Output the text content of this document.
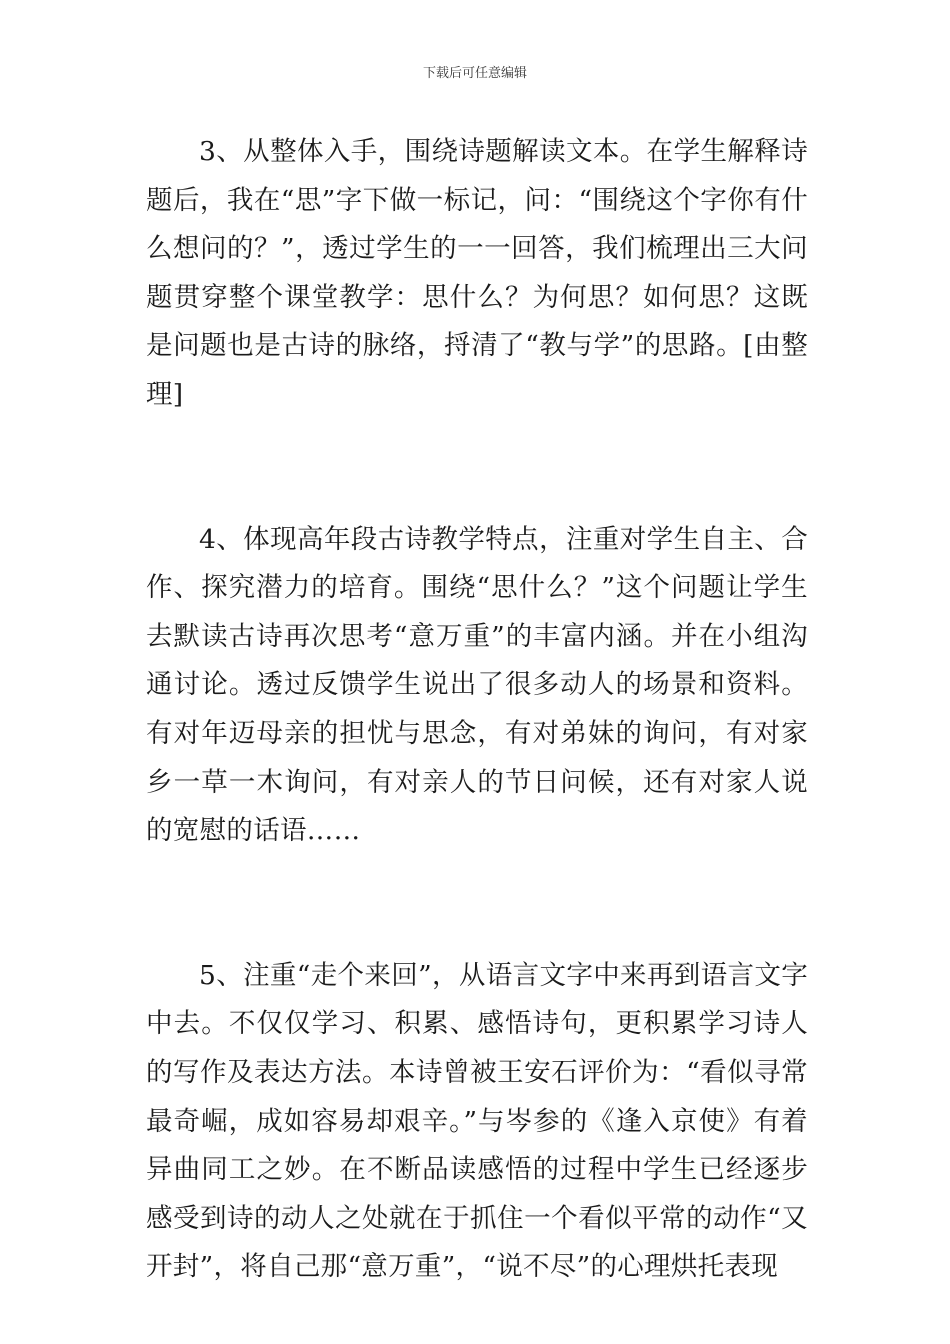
下载后可任意编辑

3、从整体入手，围绕诗题解读文本。在学生解释诗题后，我在“思”字下做一标记，问：“围绕这个字你有什么想问的？”，透过学生的一一回答，我们梳理出三大问题贯穿整个课堂教学：思什么？为何思？如何思？这既是问题也是古诗的脉络，捋清了“教与学”的思路。[由整理]

4、体现高年段古诗教学特点，注重对学生自主、合作、探究潜力的培育。围绕“思什么？”这个问题让学生去默读古诗再次思考“意万重”的丰富内涵。并在小组沟通讨论。透过反馈学生说出了很多动人的场景和资料。有对年迈母亲的担忧与思念，有对弟妹的询问，有对家乡一草一木询问，有对亲人的节日问候，还有对家人说的宽慰的话语……

5、注重“走个来回”，从语言文字中来再到语言文字中去。不仅仅学习、积累、感悟诗句，更积累学习诗人的写作及表达方法。本诗曾被王安石评价为：“看似寻常最奇崛，成如容易却艰辛。”与岑参的《逢入京使》有着异曲同工之妙。在不断品读感悟的过程中学生已经逐步感受到诗的动人之处就在于抓住一个看似平常的动作“又开封”，将自己那“意万重”，“说不尽”的心理烘托表现
